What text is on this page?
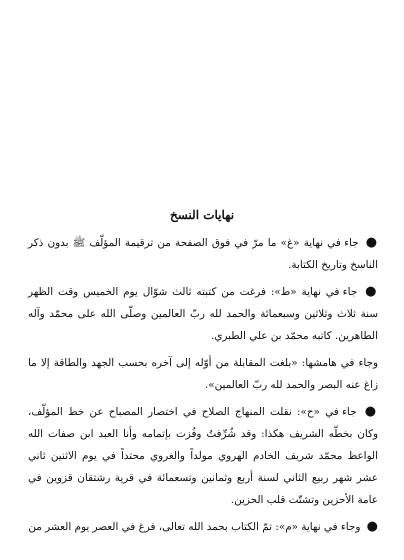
نهايات النسخ

● جاء في نهاية «غ» ما مرّ في فوق الصفحة من ترقيمة المؤلّف ﷺ بدون ذكر الناسخ وتاريخ الكتابة.

● جاء في نهاية «ط»: فرغت من كتبته ثالث شوّال يوم الخميس وقت الظهر سنة ثلاث وثلاثين وسبعمائة والحمد لله ربّ العالمين وصلّى الله على محمّد وآله الطاهرين. كاتبه محمّد بن علي الطبري.

وجاء في هامشها: «بلغت المقابلة من أوّله إلى آخره بحسب الجهد والطاقة إلا ما زاغ عنه البصر والحمد لله ربّ العالمين».

● جاء في «ح»: نقلت المنهاج الصلاح في اختصار المصباح عن خط المؤلّف، وكان بخطّه الشريف هكذا: وقد شُرِّفتُ وفُزت بإتمامه وأنا العبد ابن صفات الله الواعظ محمّد شريف الخادم الهروي مولداً والغروي محتداً في يوم الاثنين ثاني عشر شهر ربيع الثاني لسنة أربع وثمانين وتسعمائة في قرية رشتقان قزوين في عامة الأحزين وتشتّت قلب الحزين.

● وجاء في نهاية «م»: تمّ الكتاب بحمد الله تعالى، فرغ في العصر يوم العشر من
